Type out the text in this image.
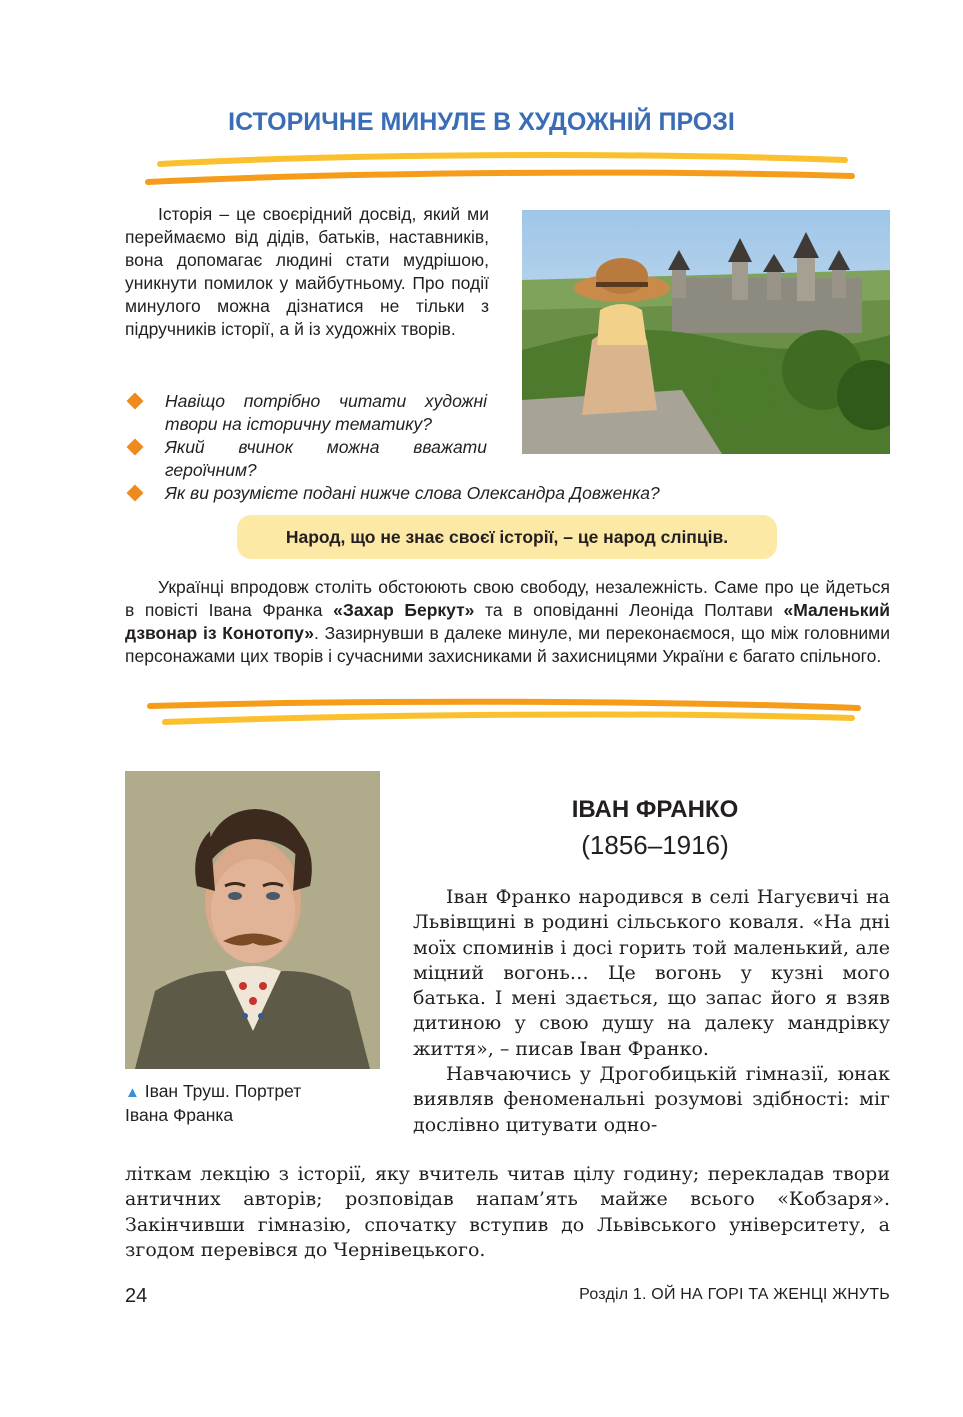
ІСТОРИЧНЕ МИНУЛЕ В ХУДОЖНІЙ ПРОЗІ

Історія – це своєрідний досвід, який ми переймаємо від дідів, батьків, наставників, вона допомагає людині стати мудрішою, уникнути помилок у майбутньому. Про події минулого можна дізнатися не тільки з підручників історії, а й із художніх творів.

Навіщо потрібно читати художні твори на історичну тематику?
Який вчинок можна вважати героїчним?
Як ви розумієте подані нижче слова Олександра Довженка?
Народ, що не знає своєї історії, – це народ сліпців.

Українці впродовж століть обстоюють свою свободу, незалежність. Саме про це йдеться в повісті Івана Франка «Захар Беркут» та в оповіданні Леоніда Полтави «Маленький дзвонар із Конотопу». Зазирнувши в далеке минуле, ми переконаємося, що між головними персонажами цих творів і сучасними захисниками й захисницями України є багато спільного.

▲ Іван Труш. Портрет
Івана Франка
ІВАН ФРАНКО
(1856–1916)

Іван Франко народився в селі Нагуєвичі на Львівщині в родині сільського коваля. «На дні моїх споминів і досі горить той маленький, але міцний вогонь… Це вогонь у кузні мого батька. І мені здається, що запас його я взяв дитиною у свою душу на далеку мандрівку життя», – писав Іван Франко.

Навчаючись у Дрогобицькій гімназії, юнак виявляв феноменальні розумові здібності: міг дослівно цитувати одно-

літкам лекцію з історії, яку вчитель читав цілу годину; перекладав твори античних авторів; розповідав напам’ять майже всього «Кобзаря». Закінчивши гімназію, спочатку вступив до Львівського університету, а згодом перевівся до Чернівецького.

24	Розділ 1. ОЙ НА ГОРІ ТА ЖЕНЦІ ЖНУТЬ
